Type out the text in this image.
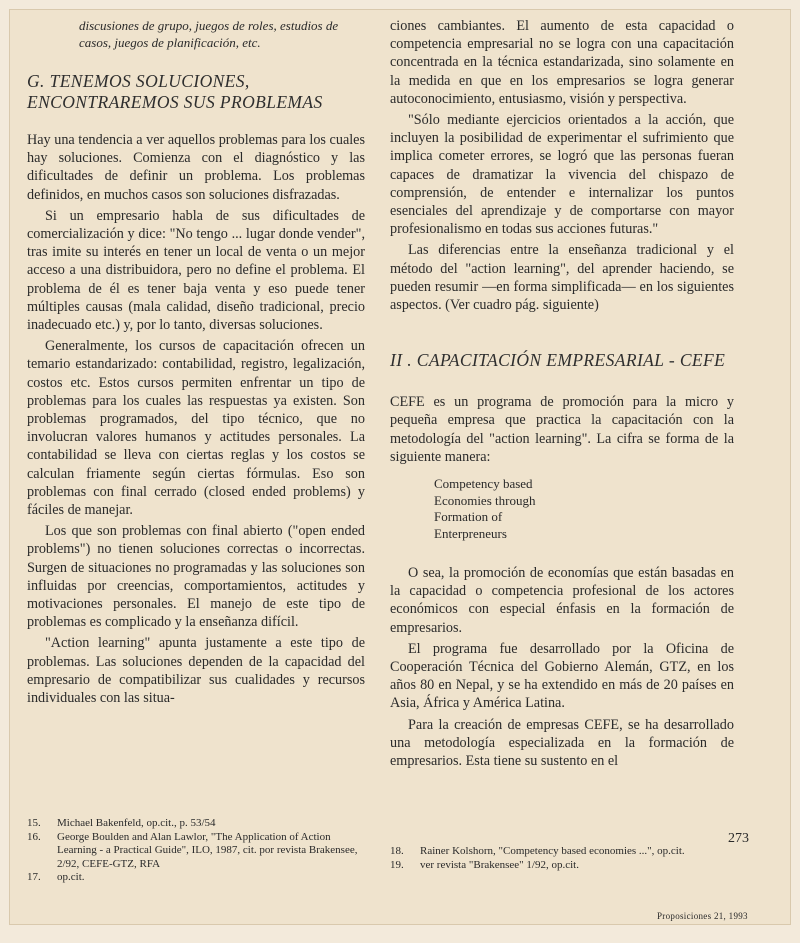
discusiones de grupo, juegos de roles, estudios de casos, juegos de planificación, etc.

G. TENEMOS SOLUCIONES, ENCONTRAREMOS SUS PROBLEMAS

Hay una tendencia a ver aquellos problemas para los cuales hay soluciones. Comienza con el diagnóstico y las dificultades de definir un problema. Los problemas definidos, en muchos casos son soluciones disfrazadas.

Si un empresario habla de sus dificultades de comercialización y dice: "No tengo ... lugar donde vender", tras imite su interés en tener un local de venta o un mejor acceso a una distribuidora, pero no define el problema. El problema de él es tener baja venta y eso puede tener múltiples causas (mala calidad, diseño tradicional, precio inadecuado etc.) y, por lo tanto, diversas soluciones.

Generalmente, los cursos de capacitación ofrecen un temario estandarizado: contabilidad, registro, legalización, costos etc. Estos cursos permiten enfrentar un tipo de problemas para los cuales las respuestas ya existen. Son problemas programados, del tipo técnico, que no involucran valores humanos y actitudes personales. La contabilidad se lleva con ciertas reglas y los costos se calculan friamente según ciertas fórmulas. Eso son problemas con final cerrado (closed ended problems) y fáciles de manejar.

Los que son problemas con final abierto ("open ended problems") no tienen soluciones correctas o incorrectas. Surgen de situaciones no programadas y las soluciones son influidas por creencias, comportamientos, actitudes y motivaciones personales. El manejo de este tipo de problemas es complicado y la enseñanza difícil.

"Action learning" apunta justamente a este tipo de problemas. Las soluciones dependen de la capacidad del empresario de compatibilizar sus cualidades y recursos individuales con las situa-

15.	Michael Bakenfeld, op.cit., p. 53/54
16.	George Boulden and Alan Lawlor, "The Application of Action Learning - a Practical Guide", ILO, 1987, cit. por revista Brakensee, 2/92, CEFE-GTZ, RFA
17.	op.cit.

ciones cambiantes. El aumento de esta capacidad o competencia empresarial no se logra con una capacitación concentrada en la técnica estandarizada, sino solamente en la medida en que en los empresarios se logra generar autoconocimiento, entusiasmo, visión y perspectiva.

"Sólo mediante ejercicios orientados a la acción, que incluyen la posibilidad de experimentar el sufrimiento que implica cometer errores, se logró que las personas fueran capaces de dramatizar la vivencia del chispazo de comprensión, de entender e internalizar los puntos esenciales del aprendizaje y de comportarse con mayor profesionalismo en todas sus acciones futuras."

Las diferencias entre la enseñanza tradicional y el método del "action learning", del aprender haciendo, se pueden resumir —en forma simplificada— en los siguientes aspectos. (Ver cuadro pág. siguiente)

II . CAPACITACIÓN EMPRESARIAL - CEFE

CEFE es un programa de promoción para la micro y pequeña empresa que practica la capacitación con la metodología del "action learning". La cifra se forma de la siguiente manera:

Competency based
Economies through
Formation of
Enterpreneurs

O sea, la promoción de economías que están basadas en la capacidad o competencia profesional de los actores económicos con especial énfasis en la formación de empresarios.

El programa fue desarrollado por la Oficina de Cooperación Técnica del Gobierno Alemán, GTZ, en los años 80 en Nepal, y se ha extendido en más de 20 países en Asia, África y América Latina.

Para la creación de empresas CEFE, se ha desarrollado una metodología especializada en la formación de empresarios. Esta tiene su sustento en el

273
18.	Rainer Kolshorn, "Competency based economies ...", op.cit.
19.	ver revista "Brakensee" 1/92, op.cit.
Proposiciones 21, 1993
